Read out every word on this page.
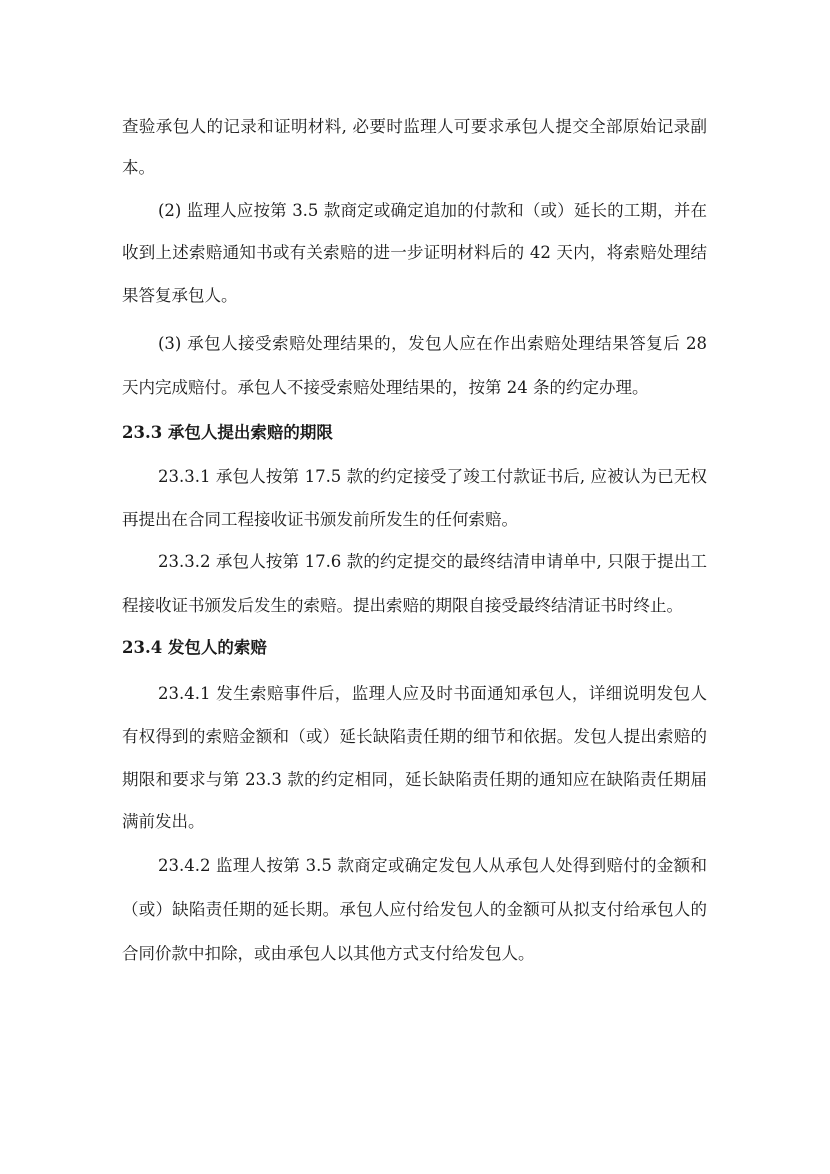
查验承包人的记录和证明材料, 必要时监理人可要求承包人提交全部原始记录副
本。
(2) 监理人应按第 3.5 款商定或确定追加的付款和（或）延长的工期，并在
收到上述索赔通知书或有关索赔的进一步证明材料后的 42 天内，将索赔处理结
果答复承包人。
(3) 承包人接受索赔处理结果的，发包人应在作出索赔处理结果答复后 28
天内完成赔付。承包人不接受索赔处理结果的，按第 24 条的约定办理。
23.3 承包人提出索赔的期限
23.3.1 承包人按第 17.5 款的约定接受了竣工付款证书后, 应被认为已无权
再提出在合同工程接收证书颁发前所发生的任何索赔。
23.3.2 承包人按第 17.6 款的约定提交的最终结清申请单中, 只限于提出工
程接收证书颁发后发生的索赔。提出索赔的期限自接受最终结清证书时终止。
23.4 发包人的索赔
23.4.1 发生索赔事件后，监理人应及时书面通知承包人，详细说明发包人
有权得到的索赔金额和（或）延长缺陷责任期的细节和依据。发包人提出索赔的
期限和要求与第 23.3 款的约定相同，延长缺陷责任期的通知应在缺陷责任期届
满前发出。
23.4.2 监理人按第 3.5 款商定或确定发包人从承包人处得到赔付的金额和
（或）缺陷责任期的延长期。承包人应付给发包人的金额可从拟支付给承包人的
合同价款中扣除，或由承包人以其他方式支付给发包人。
